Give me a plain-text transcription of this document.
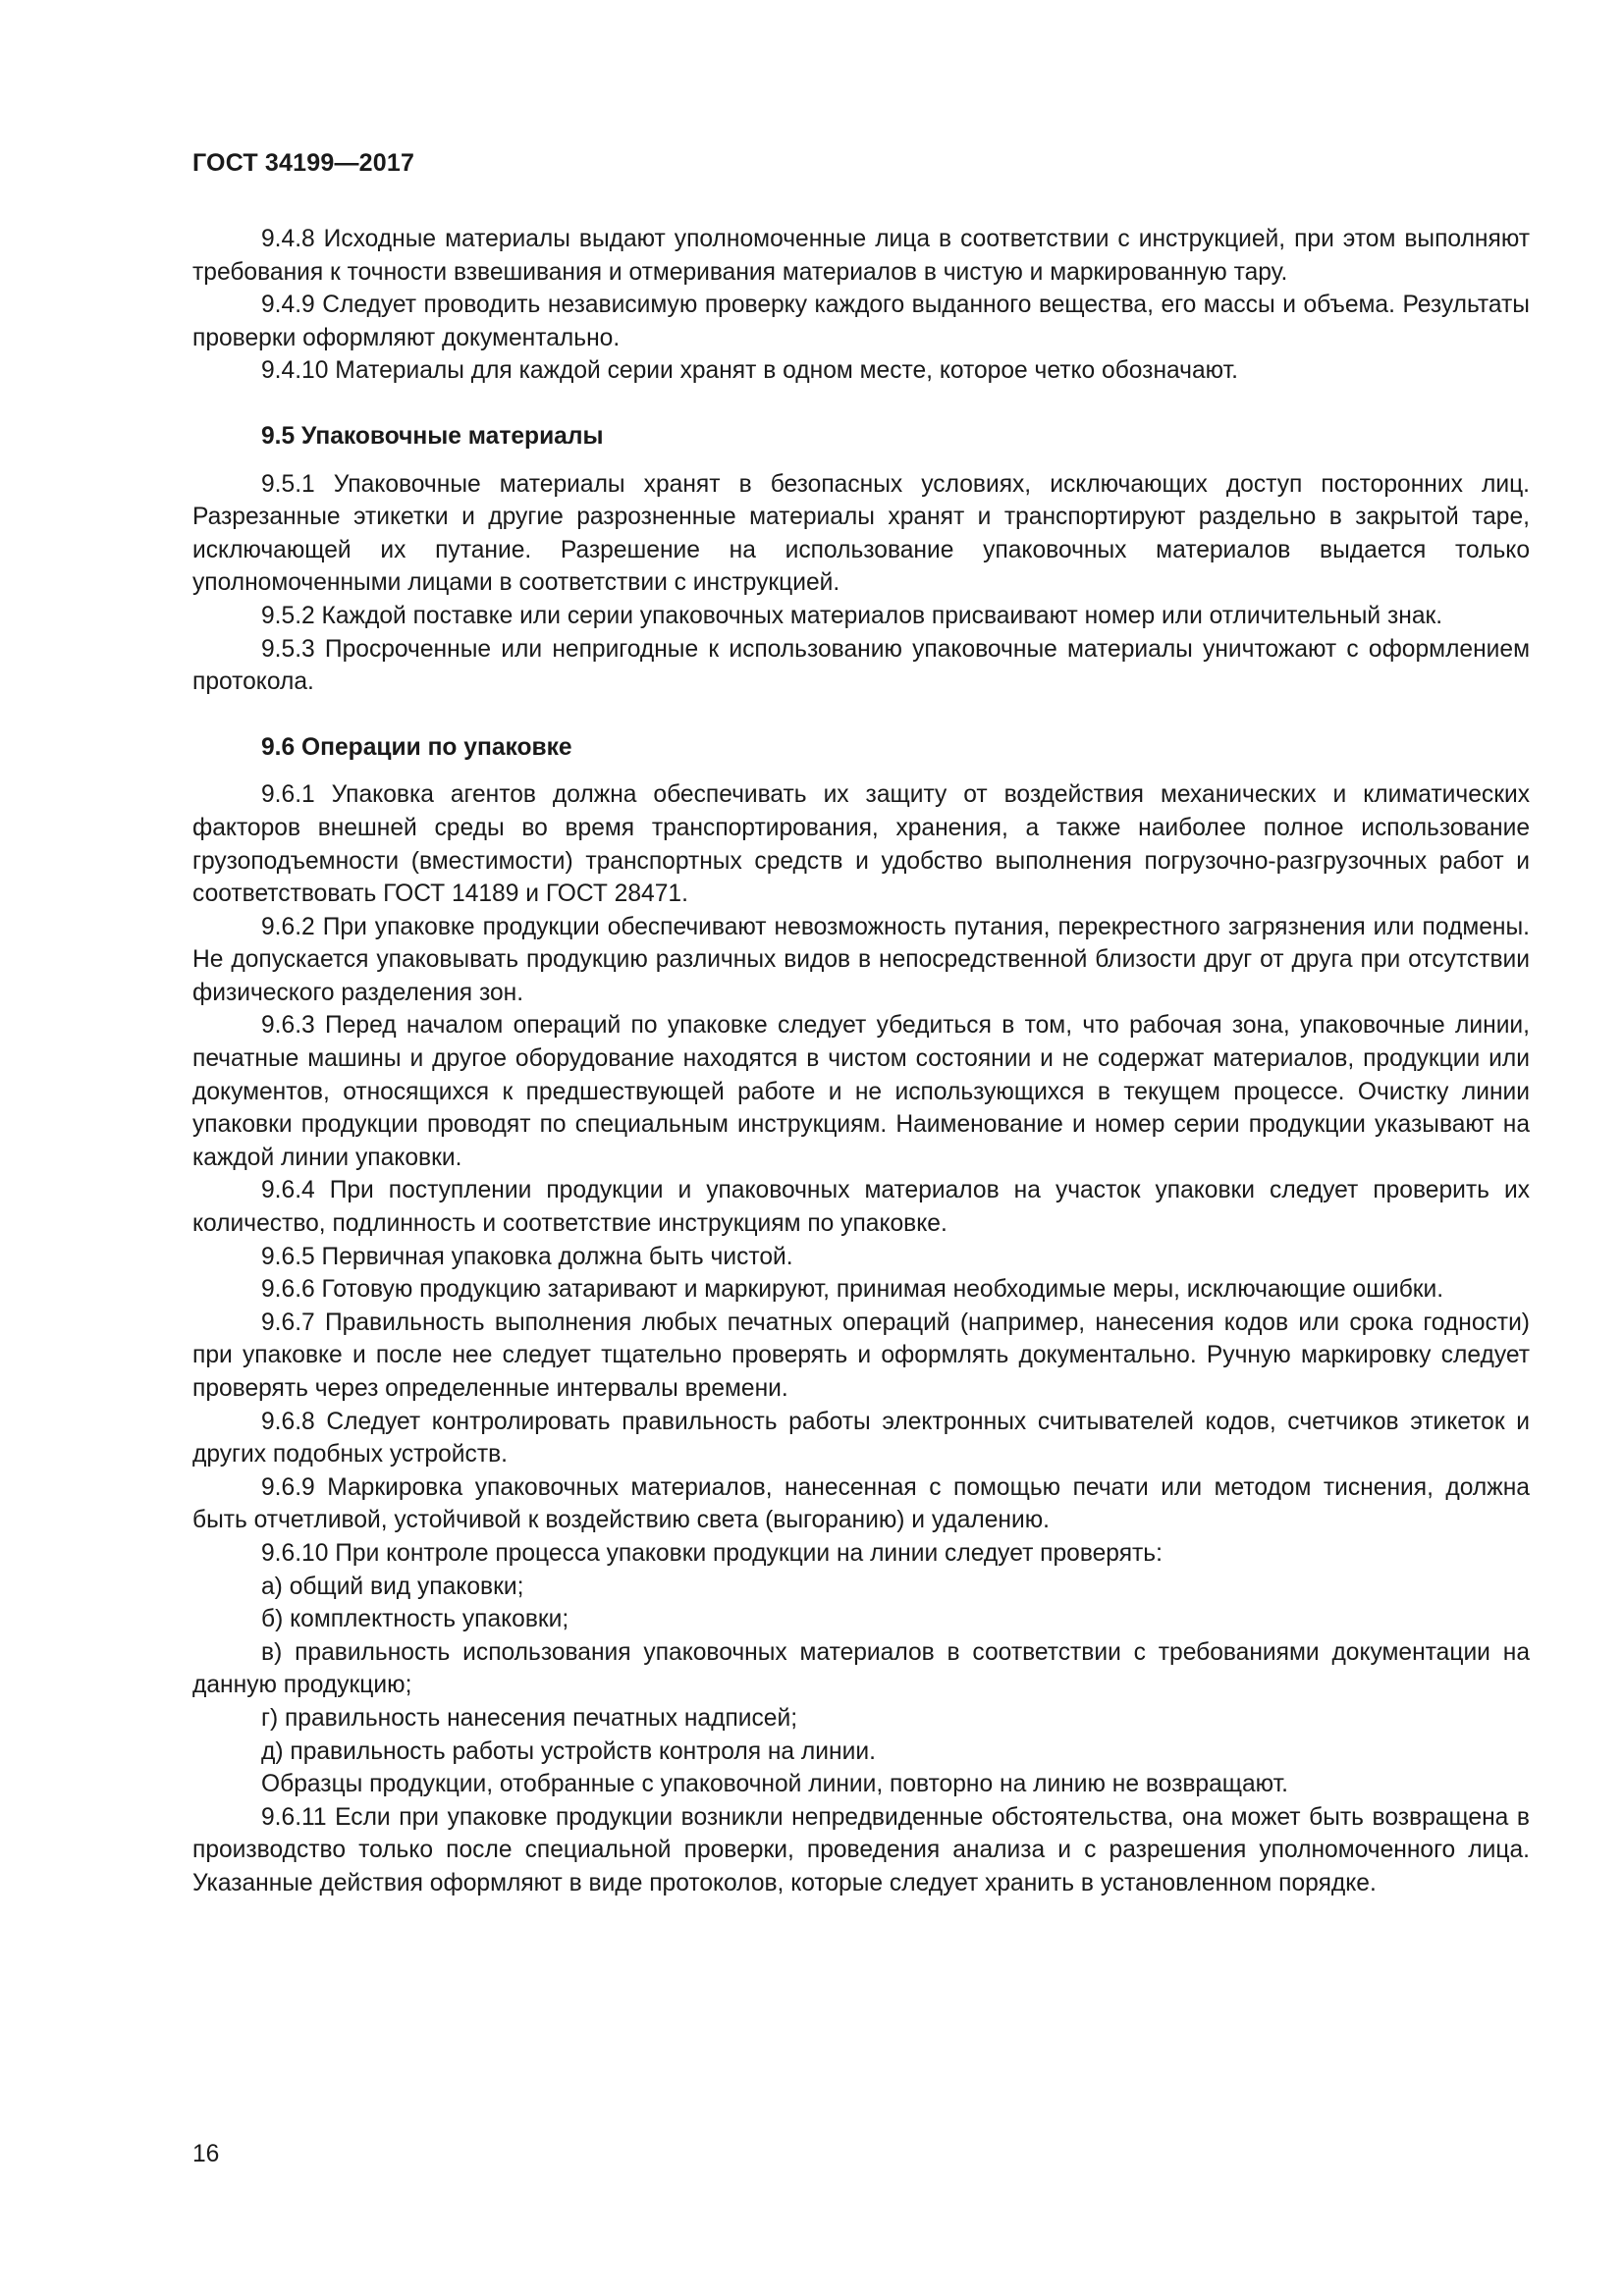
ГОСТ 34199—2017

9.4.8 Исходные материалы выдают уполномоченные лица в соответствии с инструкцией, при этом выполняют требования к точности взвешивания и отмеривания материалов в чистую и маркированную тару.

9.4.9 Следует проводить независимую проверку каждого выданного вещества, его массы и объема. Результаты проверки оформляют документально.

9.4.10 Материалы для каждой серии хранят в одном месте, которое четко обозначают.

9.5 Упаковочные материалы

9.5.1 Упаковочные материалы хранят в безопасных условиях, исключающих доступ посторонних лиц. Разрезанные этикетки и другие разрозненные материалы хранят и транспортируют раздельно в закрытой таре, исключающей их путание. Разрешение на использование упаковочных материалов выдается только уполномоченными лицами в соответствии с инструкцией.

9.5.2 Каждой поставке или серии упаковочных материалов присваивают номер или отличительный знак.

9.5.3 Просроченные или непригодные к использованию упаковочные материалы уничтожают с оформлением протокола.

9.6 Операции по упаковке

9.6.1 Упаковка агентов должна обеспечивать их защиту от воздействия механических и климатических факторов внешней среды во время транспортирования, хранения, а также наиболее полное использование грузоподъемности (вместимости) транспортных средств и удобство выполнения погрузочно-разгрузочных работ и соответствовать ГОСТ 14189 и ГОСТ 28471.

9.6.2 При упаковке продукции обеспечивают невозможность путания, перекрестного загрязнения или подмены. Не допускается упаковывать продукцию различных видов в непосредственной близости друг от друга при отсутствии физического разделения зон.

9.6.3 Перед началом операций по упаковке следует убедиться в том, что рабочая зона, упаковочные линии, печатные машины и другое оборудование находятся в чистом состоянии и не содержат материалов, продукции или документов, относящихся к предшествующей работе и не использующихся в текущем процессе. Очистку линии упаковки продукции проводят по специальным инструкциям. Наименование и номер серии продукции указывают на каждой линии упаковки.

9.6.4 При поступлении продукции и упаковочных материалов на участок упаковки следует проверить их количество, подлинность и соответствие инструкциям по упаковке.

9.6.5 Первичная упаковка должна быть чистой.

9.6.6 Готовую продукцию затаривают и маркируют, принимая необходимые меры, исключающие ошибки.

9.6.7 Правильность выполнения любых печатных операций (например, нанесения кодов или срока годности) при упаковке и после нее следует тщательно проверять и оформлять документально. Ручную маркировку следует проверять через определенные интервалы времени.

9.6.8 Следует контролировать правильность работы электронных считывателей кодов, счетчиков этикеток и других подобных устройств.

9.6.9 Маркировка упаковочных материалов, нанесенная с помощью печати или методом тиснения, должна быть отчетливой, устойчивой к воздействию света (выгоранию) и удалению.

9.6.10 При контроле процесса упаковки продукции на линии следует проверять:

а) общий вид упаковки;

б) комплектность упаковки;

в) правильность использования упаковочных материалов в соответствии с требованиями документации на данную продукцию;

г) правильность нанесения печатных надписей;

д) правильность работы устройств контроля на линии.

Образцы продукции, отобранные с упаковочной линии, повторно на линию не возвращают.

9.6.11 Если при упаковке продукции возникли непредвиденные обстоятельства, она может быть возвращена в производство только после специальной проверки, проведения анализа и с разрешения уполномоченного лица. Указанные действия оформляют в виде протоколов, которые следует хранить в установленном порядке.

16
